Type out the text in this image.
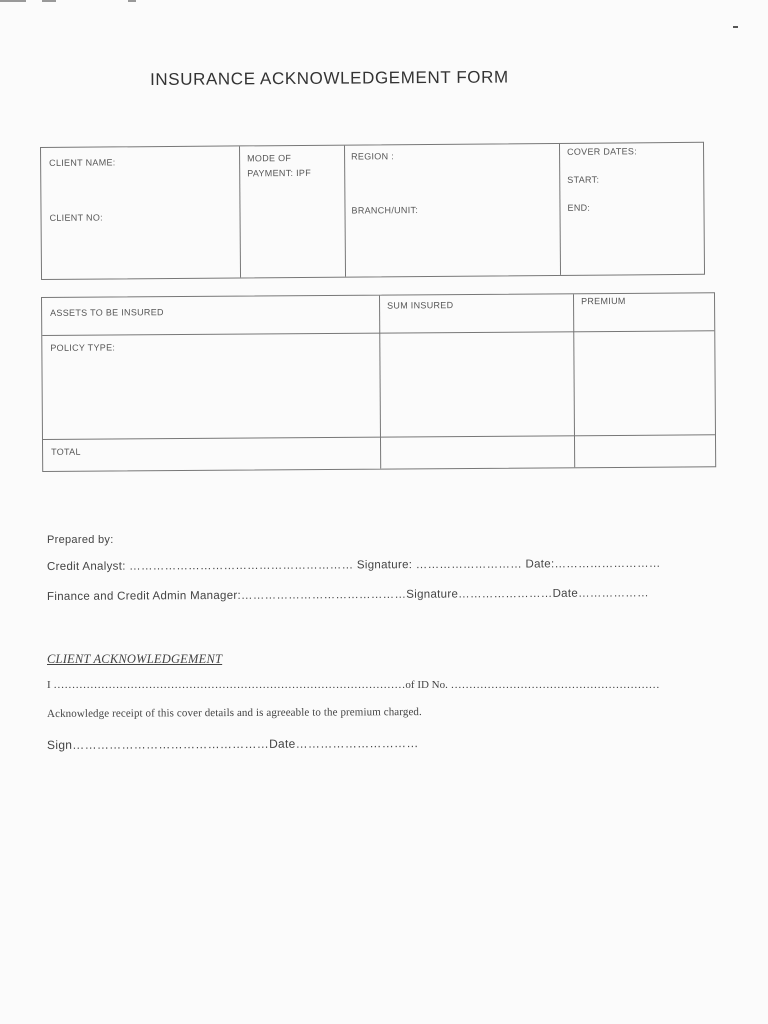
INSURANCE ACKNOWLEDGEMENT FORM
CLIENT NAME:
CLIENT NO:
MODE OF
PAYMENT: IPF
REGION :
BRANCH/UNIT:
COVER DATES:
START:
END:
ASSETS TO BE INSURED
SUM INSURED	PREMIUM
POLICY TYPE:
TOTAL
Prepared by:
Credit Analyst: ………………………………………………… Signature: ……………………… Date:………………………
Finance and Credit Admin Manager:……………………………………Signature……………………Date………………
CLIENT ACKNOWLEDGEMENT
I ……………………………………………………………………………………of ID No. …………………………………………………
Acknowledge receipt of this cover details and is agreeable to the premium charged.
Sign…………………………………………Date…………………………
